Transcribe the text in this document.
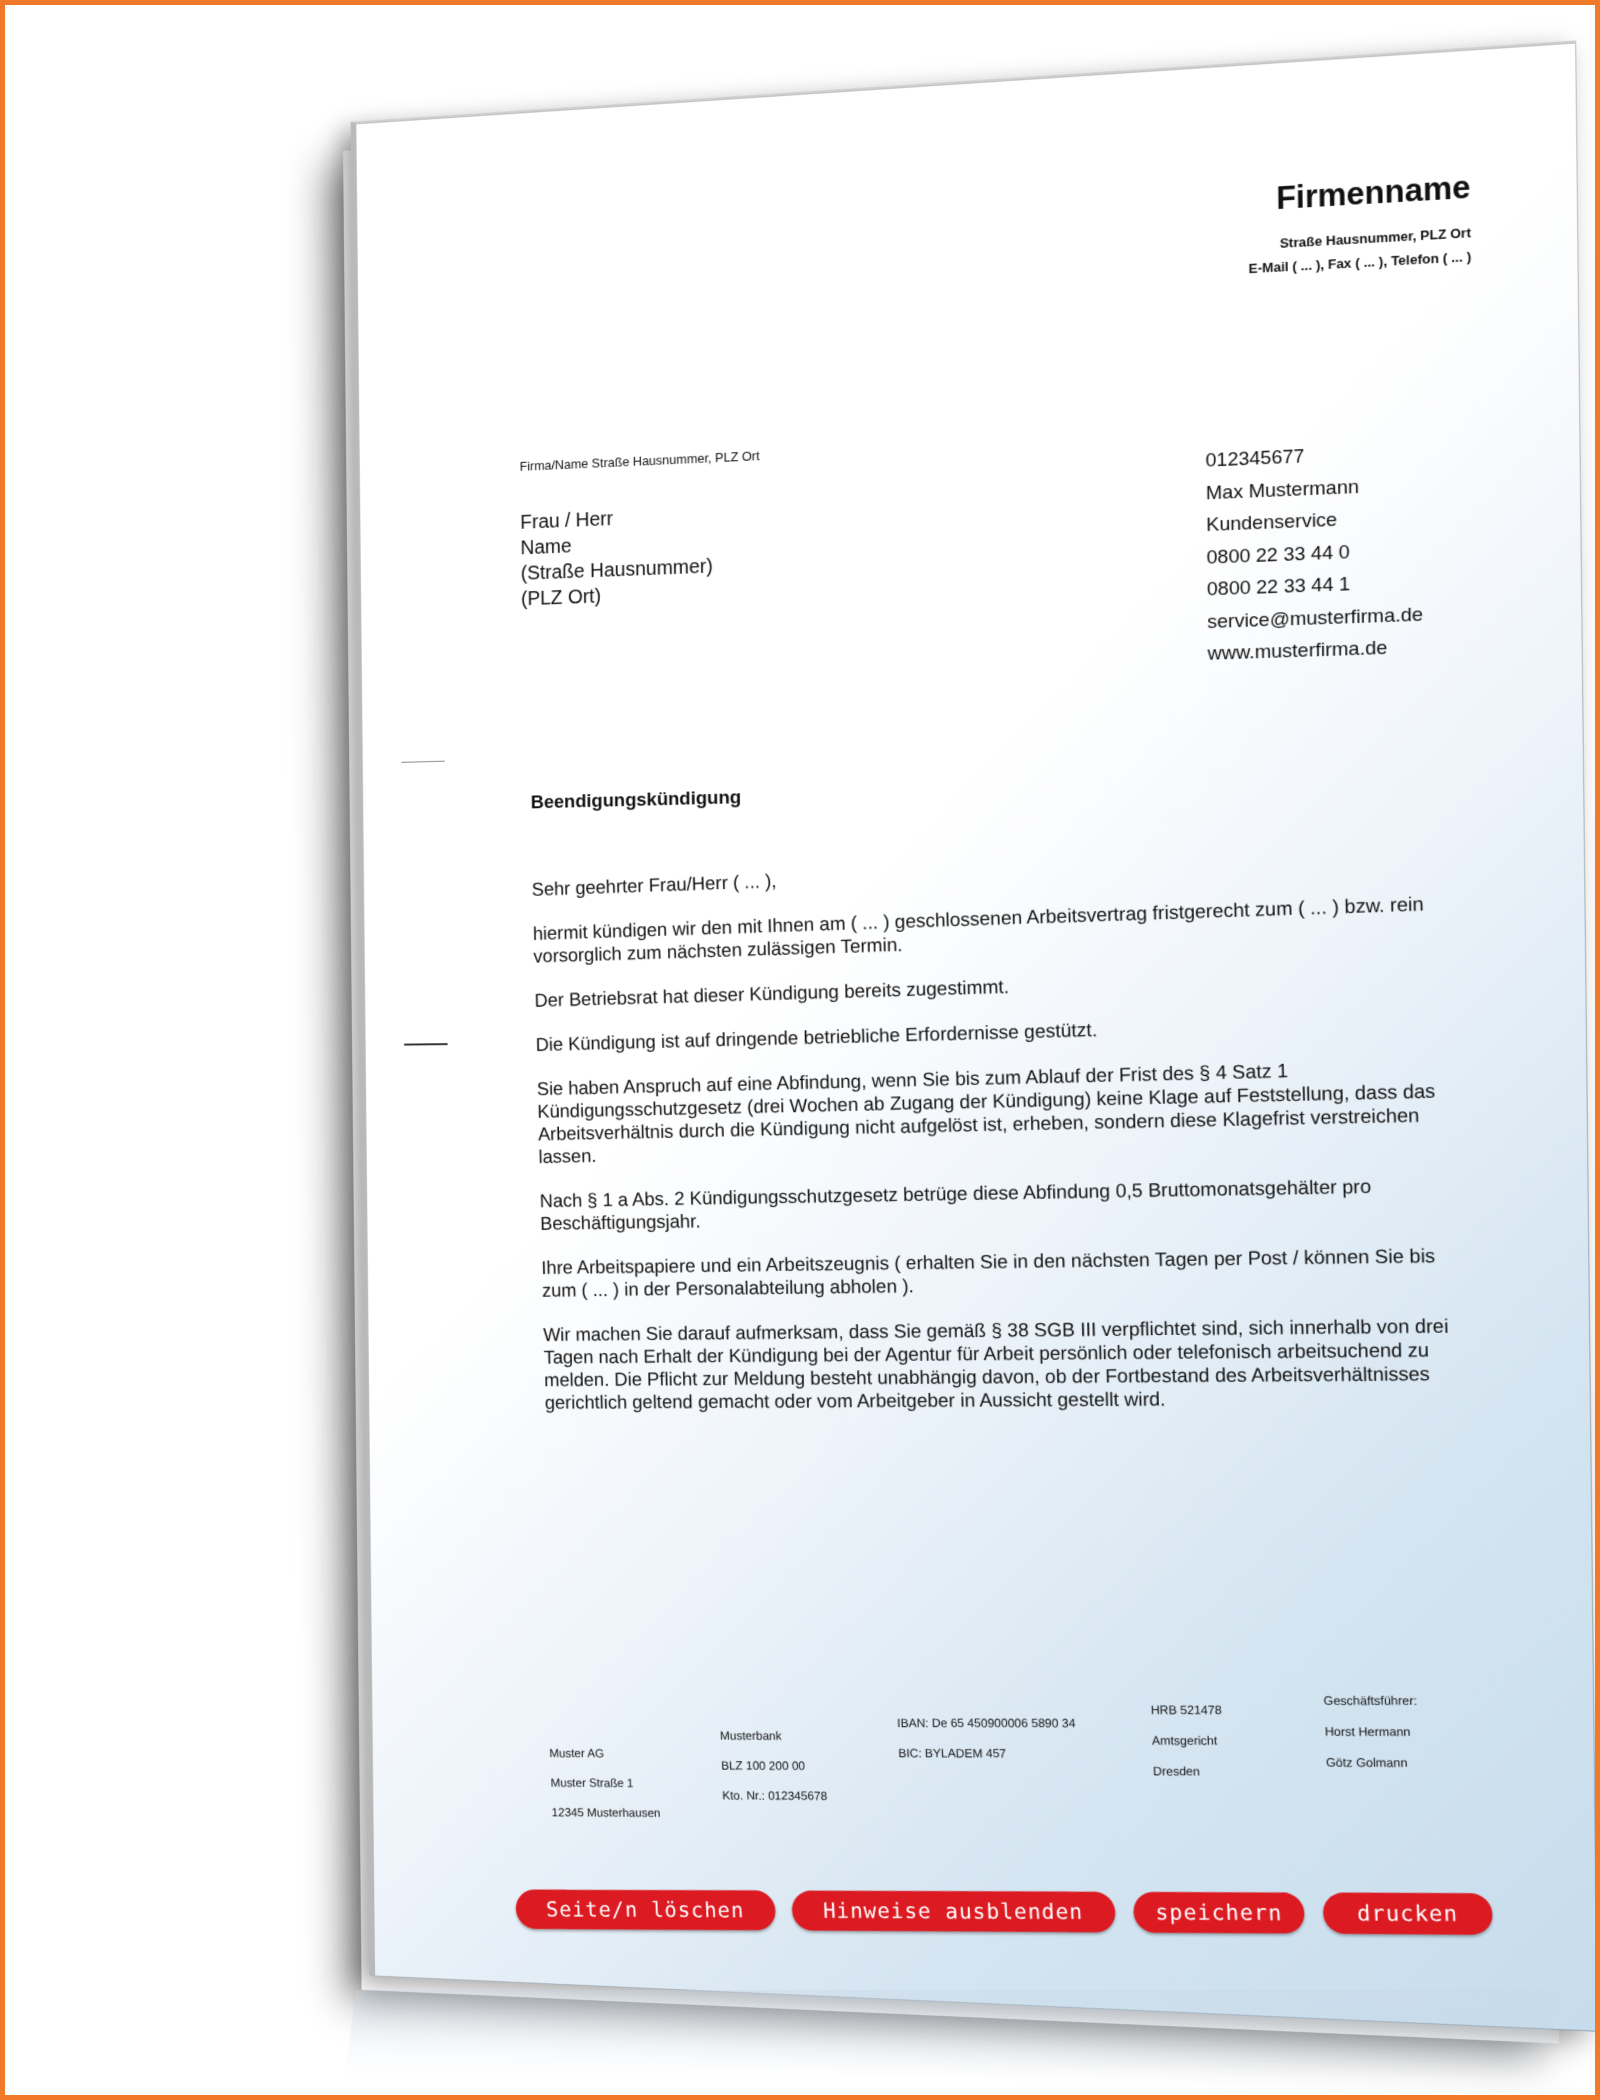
Firmenname
Straße Hausnummer, PLZ Ort
E-Mail ( ... ), Fax ( ... ), Telefon ( ... )
Firma/Name Straße Hausnummer, PLZ Ort
Frau / Herr
Name
(Straße Hausnummer)
(PLZ Ort)
012345677
Max Mustermann
Kundenservice
0800 22 33 44 0
0800 22 33 44 1
service@musterfirma.de
www.musterfirma.de
Beendigungskündigung

Sehr geehrter Frau/Herr ( ... ),

hiermit kündigen wir den mit Ihnen am ( ... ) geschlossenen Arbeitsvertrag fristgerecht zum ( ... ) bzw. rein vorsorglich zum nächsten zulässigen Termin.

Der Betriebsrat hat dieser Kündigung bereits zugestimmt.

Die Kündigung ist auf dringende betriebliche Erfordernisse gestützt.

Sie haben Anspruch auf eine Abfindung, wenn Sie bis zum Ablauf der Frist des § 4 Satz 1 Kündigungsschutzgesetz (drei Wochen ab Zugang der Kündigung) keine Klage auf Feststellung, dass das Arbeitsverhältnis durch die Kündigung nicht aufgelöst ist, erheben, sondern diese Klagefrist verstreichen lassen.

Nach § 1 a Abs. 2 Kündigungsschutzgesetz betrüge diese Abfindung 0,5 Bruttomonatsgehälter pro Beschäftigungsjahr.

Ihre Arbeitspapiere und ein Arbeitszeugnis ( erhalten Sie in den nächsten Tagen per Post / können Sie bis zum ( ... ) in der Personalabteilung abholen ).

Wir machen Sie darauf aufmerksam, dass Sie gemäß § 38 SGB III verpflichtet sind, sich innerhalb von drei Tagen nach Erhalt der Kündigung bei der Agentur für Arbeit persönlich oder telefonisch arbeitsuchend zu melden. Die Pflicht zur Meldung besteht unabhängig davon, ob der Fortbestand des Arbeitsverhältnisses gerichtlich geltend gemacht oder vom Arbeitgeber in Aussicht gestellt wird.

Muster AG
Muster Straße 1
12345 Musterhausen
Musterbank
BLZ 100 200 00
Kto. Nr.: 012345678
IBAN: De 65 450900006 5890 34
BIC: BYLADEM 457
HRB 521478
Amtsgericht
Dresden
Geschäftsführer:
Horst Hermann
Götz Golmann
Seite/n löschen	Hinweise ausblenden	speichern	drucken
